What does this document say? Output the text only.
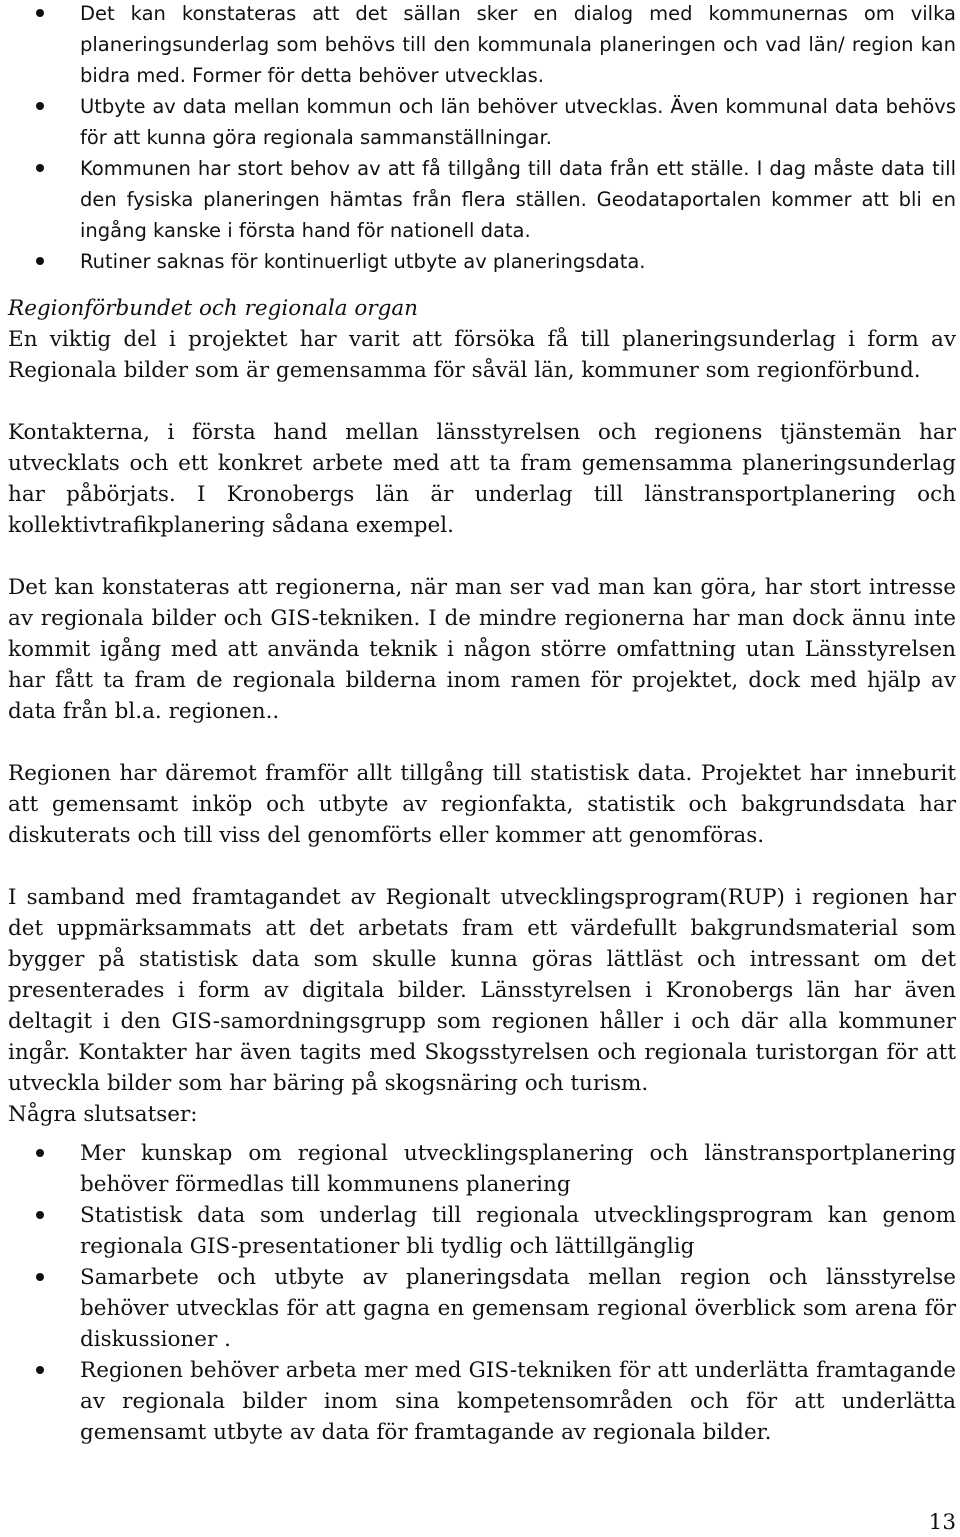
Det kan konstateras att det sällan sker en dialog med kommunernas om vilka planeringsunderlag som behövs till den kommunala planeringen och vad län/ region kan bidra med. Former för detta behöver utvecklas.
Utbyte av data mellan kommun och län behöver utvecklas. Även kommunal data behövs för att kunna göra regionala sammanställningar.
Kommunen har stort behov av att få tillgång till data från ett ställe. I dag måste data till den fysiska planeringen hämtas från flera ställen. Geodataportalen kommer att bli en ingång kanske i första hand för nationell data.
Rutiner saknas för kontinuerligt utbyte av planeringsdata.
Regionförbundet och regionala organ

En viktig del i projektet har varit att försöka få till planeringsunderlag i form av Regionala bilder som är gemensamma för såväl län, kommuner som regionförbund.

Kontakterna, i första hand mellan länsstyrelsen och regionens tjänstemän har utvecklats och ett konkret arbete med att ta fram gemensamma planeringsunderlag har påbörjats. I Kronobergs län är underlag till länstransportplanering och kollektivtrafikplanering sådana exempel.

Det kan konstateras att regionerna, när man ser vad man kan göra, har stort intresse av regionala bilder och GIS-tekniken. I de mindre regionerna har man dock ännu inte kommit igång med att använda teknik i någon större omfattning utan Länsstyrelsen har fått ta fram de regionala bilderna inom ramen för projektet, dock med hjälp av data från bl.a. regionen..

Regionen har däremot framför allt tillgång till statistisk data. Projektet har inneburit att gemensamt inköp och utbyte av regionfakta, statistik och bakgrundsdata har diskuterats och till viss del genomförts eller kommer att genomföras.

I samband med framtagandet av Regionalt utvecklingsprogram(RUP) i regionen har det uppmärksammats att det arbetats fram ett värdefullt bakgrundsmaterial som bygger på statistisk data som skulle kunna göras lättläst och intressant om det presenterades i form av digitala bilder. Länsstyrelsen i Kronobergs län har även deltagit i den GIS-samordningsgrupp som regionen håller i och där alla kommuner ingår. Kontakter har även tagits med Skogsstyrelsen och regionala turistorgan för att utveckla bilder som har bäring på skogsnäring och turism.

Några slutsatser:

Mer kunskap om regional utvecklingsplanering och länstransportplanering behöver förmedlas till kommunens planering
Statistisk data som underlag till regionala utvecklingsprogram kan genom regionala GIS-presentationer bli tydlig och lättillgänglig
Samarbete och utbyte av planeringsdata mellan region och länsstyrelse behöver utvecklas för att gagna en gemensam regional överblick som arena för diskussioner .
Regionen behöver arbeta mer med GIS-tekniken för att underlätta framtagande av regionala bilder inom sina kompetensområden och för att underlätta gemensamt utbyte av data för framtagande av regionala bilder.
13
